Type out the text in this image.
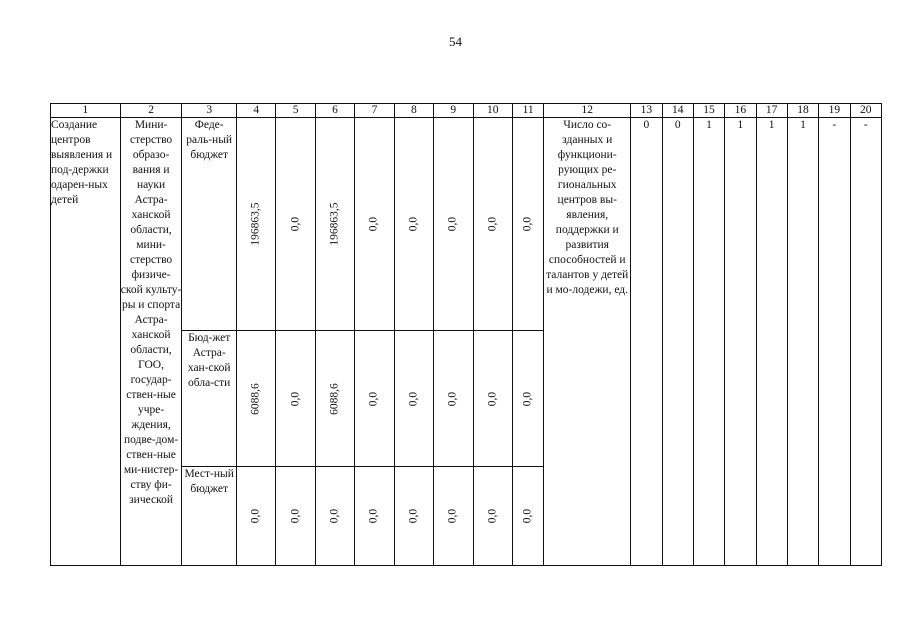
54
1	2	3	4	5	6	7	8	9	10	11	12	13	14	15	16	17	18	19	20
Создание центров выявления и под-держки одарен-ных детей	Мини-стерство образо-вания и науки Астра-ханской области, мини-стерство физиче-ской культу-ры и спорта Астра-ханской области, ГОО, государ-ствен-ные учре-ждения, подве-дом-ствен-ные ми-нистер-ству фи-зической	Феде-раль-ный бюджет	196863,5	0,0	196863,5	0,0	0,0	0,0	0,0	0,0	Число со-зданных и функциони-рующих ре-гиональных центров вы-явления, поддержки и развития способностей и талантов у детей и мо-лодежи, ед.	0	0	1	1	1	1	-	-
		Бюд-жет Астра-хан-ской обла-сти	6088,6	0,0	6088,6	0,0	0,0	0,0	0,0	0,0									

		Мест-ный бюджет	0,0	0,0	0,0	0,0	0,0	0,0	0,0	0,0									
